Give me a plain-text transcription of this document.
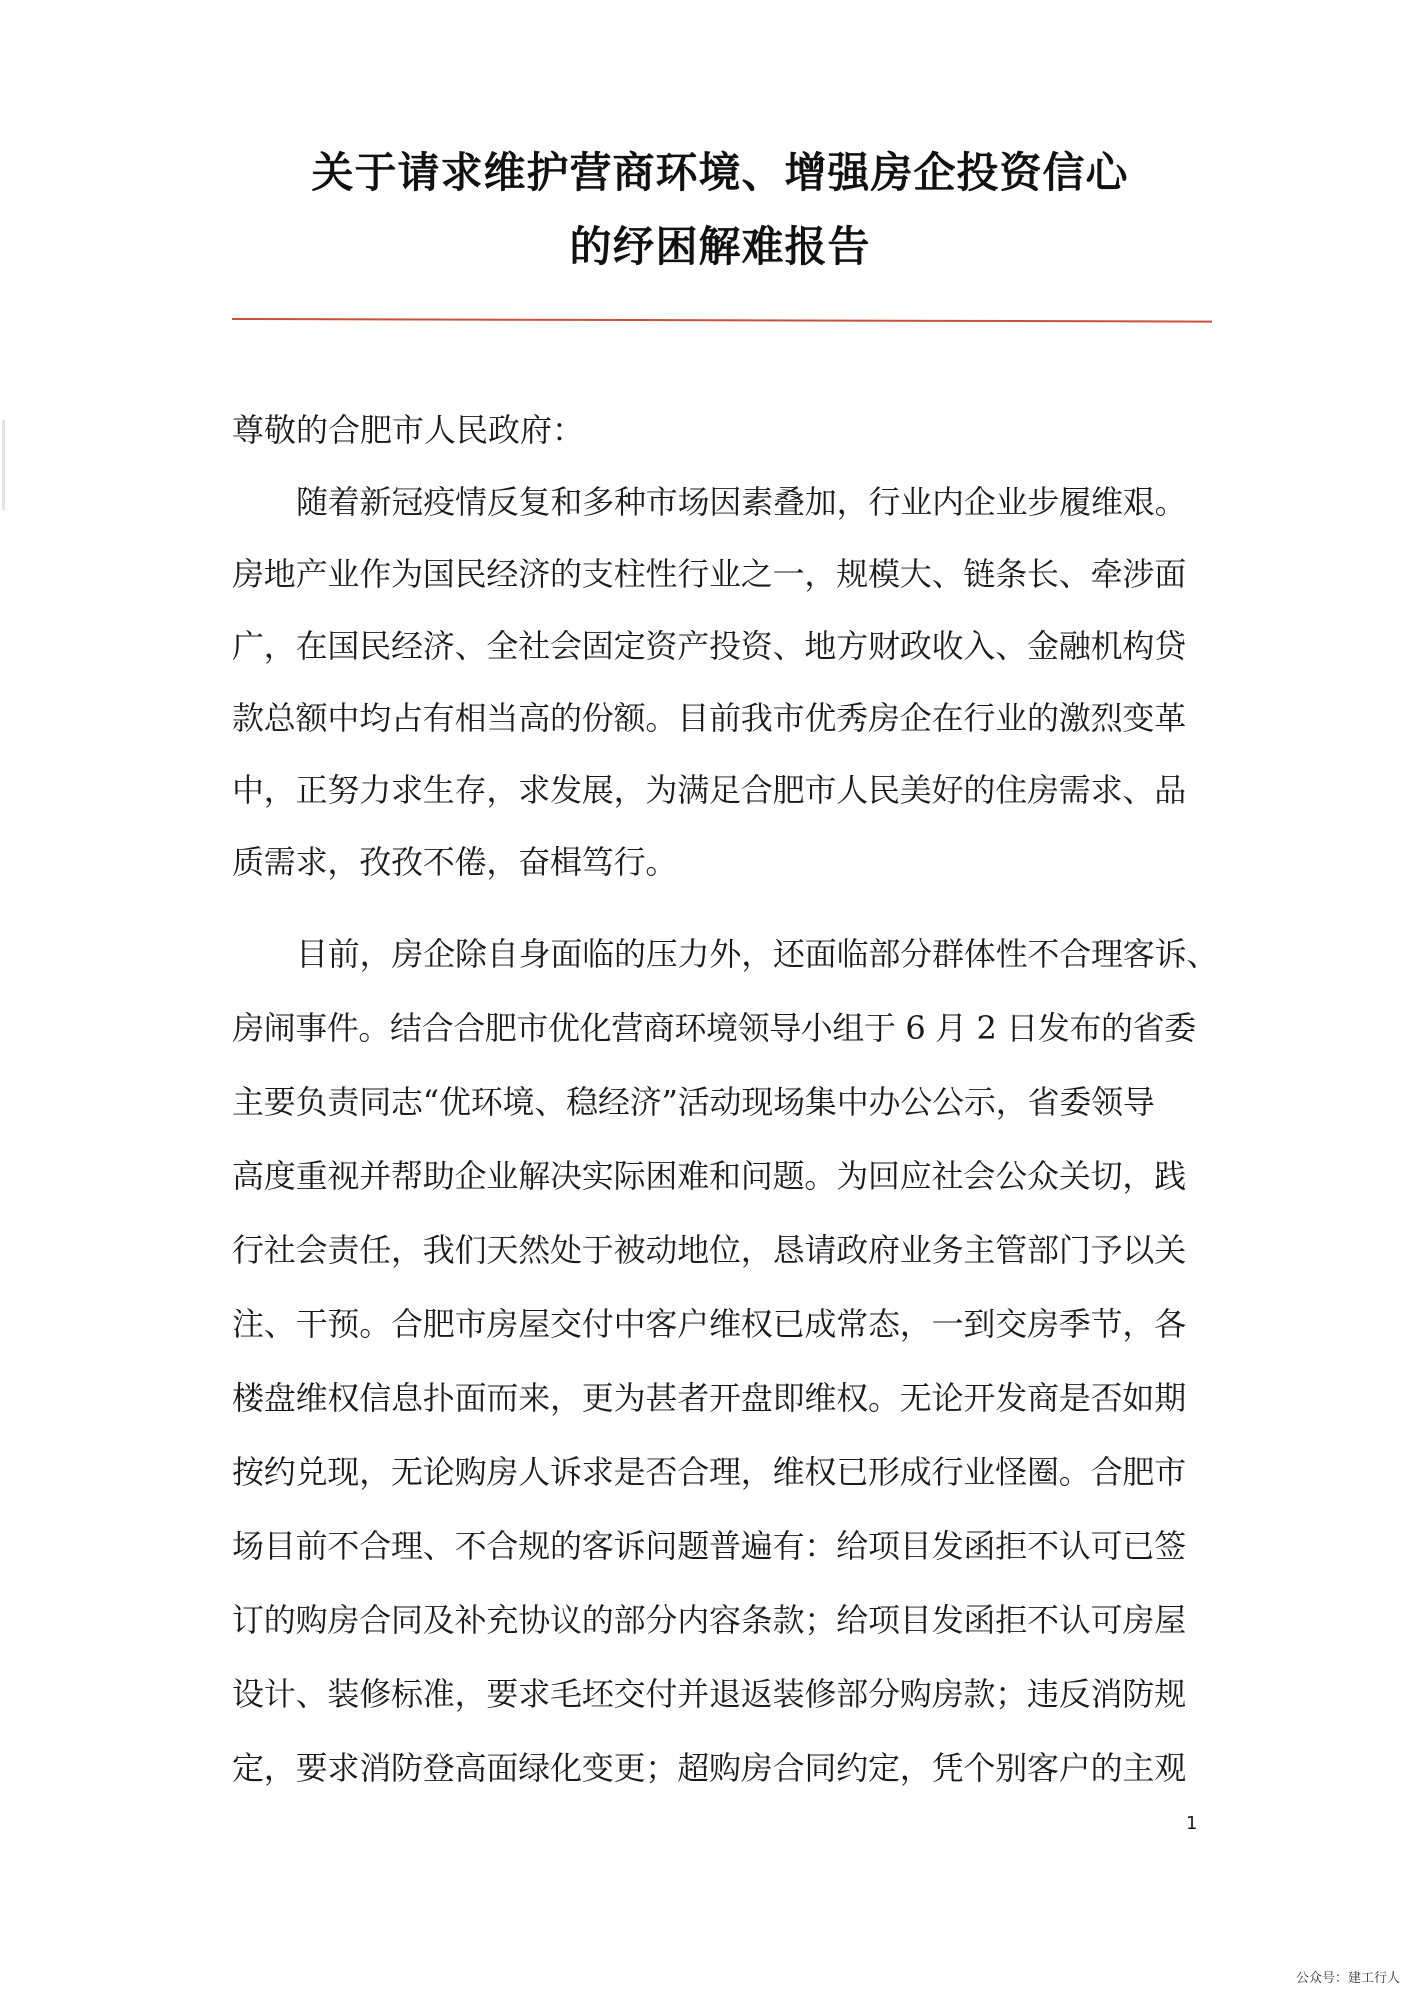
关于请求维护营商环境、增强房企投资信心
的纾困解难报告

尊敬的合肥市人民政府：

随着新冠疫情反复和多种市场因素叠加，行业内企业步履维艰。

房地产业作为国民经济的支柱性行业之一，规模大、链条长、牵涉面

广，在国民经济、全社会固定资产投资、地方财政收入、金融机构贷

款总额中均占有相当高的份额。目前我市优秀房企在行业的激烈变革

中，正努力求生存，求发展，为满足合肥市人民美好的住房需求、品

质需求，孜孜不倦，奋楫笃行。

目前，房企除自身面临的压力外，还面临部分群体性不合理客诉、

房闹事件。结合合肥市优化营商环境领导小组于 6 月 2 日发布的省委

主要负责同志“优环境、稳经济”活动现场集中办公公示，省委领导

高度重视并帮助企业解决实际困难和问题。为回应社会公众关切，践

行社会责任，我们天然处于被动地位，恳请政府业务主管部门予以关

注、干预。合肥市房屋交付中客户维权已成常态，一到交房季节，各

楼盘维权信息扑面而来，更为甚者开盘即维权。无论开发商是否如期

按约兑现，无论购房人诉求是否合理，维权已形成行业怪圈。合肥市

场目前不合理、不合规的客诉问题普遍有：给项目发函拒不认可已签

订的购房合同及补充协议的部分内容条款；给项目发函拒不认可房屋

设计、装修标准，要求毛坯交付并退返装修部分购房款；违反消防规

定，要求消防登高面绿化变更；超购房合同约定，凭个别客户的主观

1
公众号：建工行人
